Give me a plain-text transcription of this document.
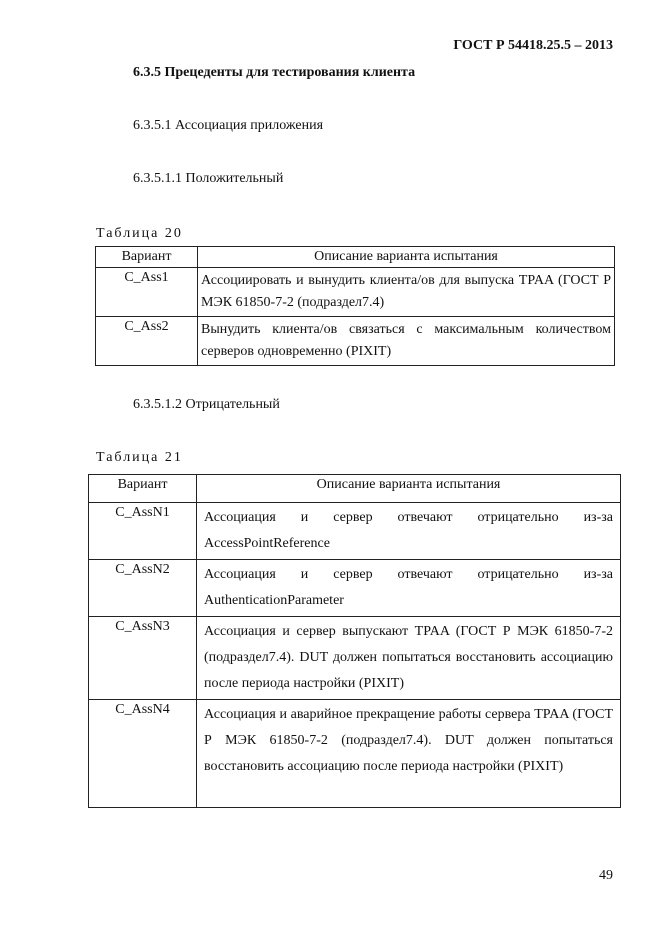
ГОСТ Р 54418.25.5 – 2013
6.3.5 Прецеденты для тестирования клиента
6.3.5.1 Ассоциация приложения
6.3.5.1.1 Положительный
Таблица 20
Вариант	Описание варианта испытания
C_Ass1	Ассоциировать и вынудить клиента/ов для выпуска TPAA (ГОСТ Р МЭК 61850-7-2 (подраздел7.4)
C_Ass2	Вынудить клиента/ов связаться с максимальным количеством серверов одновременно (PIXIT)
6.3.5.1.2 Отрицательный
Таблица 21
Вариант	Описание варианта испытания
C_AssN1	Ассоциация и сервер отвечают отрицательно из-за AccessPointReference
C_AssN2	Ассоциация и сервер отвечают отрицательно из-за AuthenticationParameter
C_AssN3	Ассоциация и сервер выпускают TPAA (ГОСТ Р МЭК 61850-7-2 (подраздел7.4). DUT должен попытаться восстановить ассоциацию после периода настройки (PIXIT)
C_AssN4	Ассоциация и аварийное прекращение работы сервера TPAA (ГОСТ Р МЭК 61850-7-2 (подраздел7.4). DUT должен попытаться восстановить ассоциацию после периода настройки (PIXIT)
49
